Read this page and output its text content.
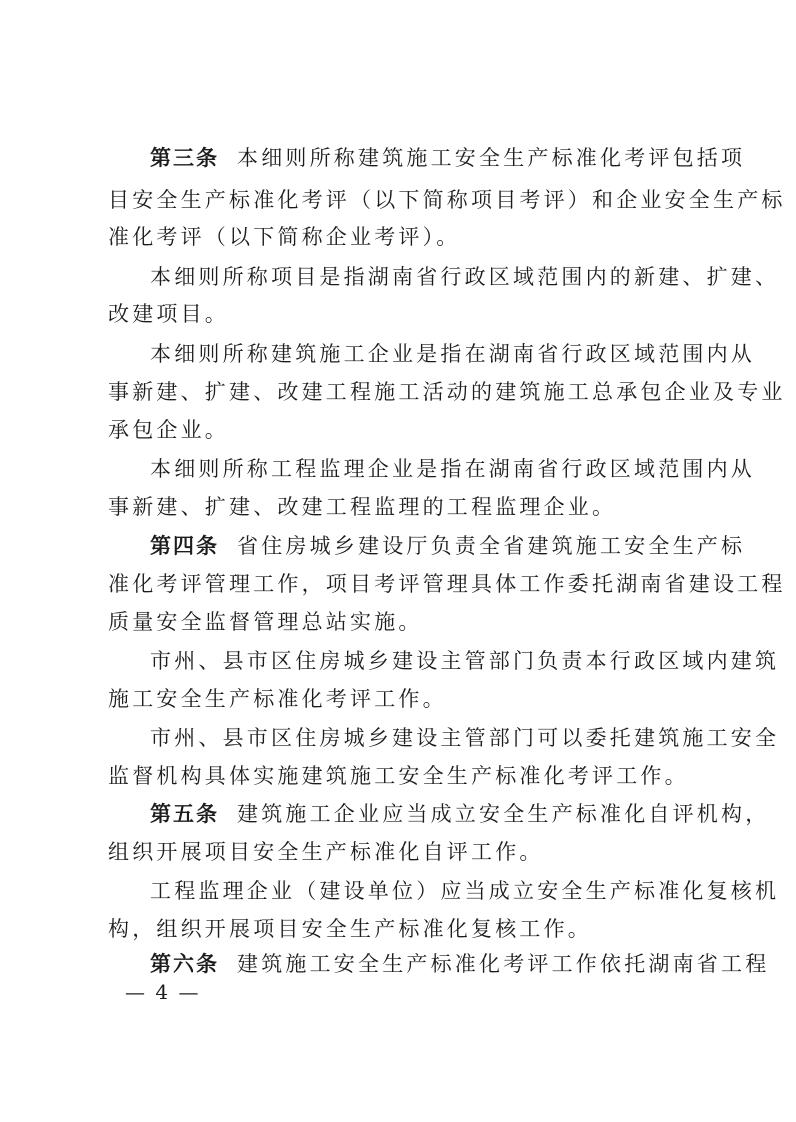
第三条 本细则所称建筑施工安全生产标准化考评包括项
目安全生产标准化考评（以下简称项目考评）和企业安全生产标
准化考评（以下简称企业考评）。
本细则所称项目是指湖南省行政区域范围内的新建、扩建、
改建项目。
本细则所称建筑施工企业是指在湖南省行政区域范围内从
事新建、扩建、改建工程施工活动的建筑施工总承包企业及专业
承包企业。
本细则所称工程监理企业是指在湖南省行政区域范围内从
事新建、扩建、改建工程监理的工程监理企业。
第四条 省住房城乡建设厅负责全省建筑施工安全生产标
准化考评管理工作，项目考评管理具体工作委托湖南省建设工程
质量安全监督管理总站实施。
市州、县市区住房城乡建设主管部门负责本行政区域内建筑
施工安全生产标准化考评工作。
市州、县市区住房城乡建设主管部门可以委托建筑施工安全
监督机构具体实施建筑施工安全生产标准化考评工作。
第五条 建筑施工企业应当成立安全生产标准化自评机构，
组织开展项目安全生产标准化自评工作。
工程监理企业（建设单位）应当成立安全生产标准化复核机
构，组织开展项目安全生产标准化复核工作。
第六条 建筑施工安全生产标准化考评工作依托湖南省工程
— 4 —
